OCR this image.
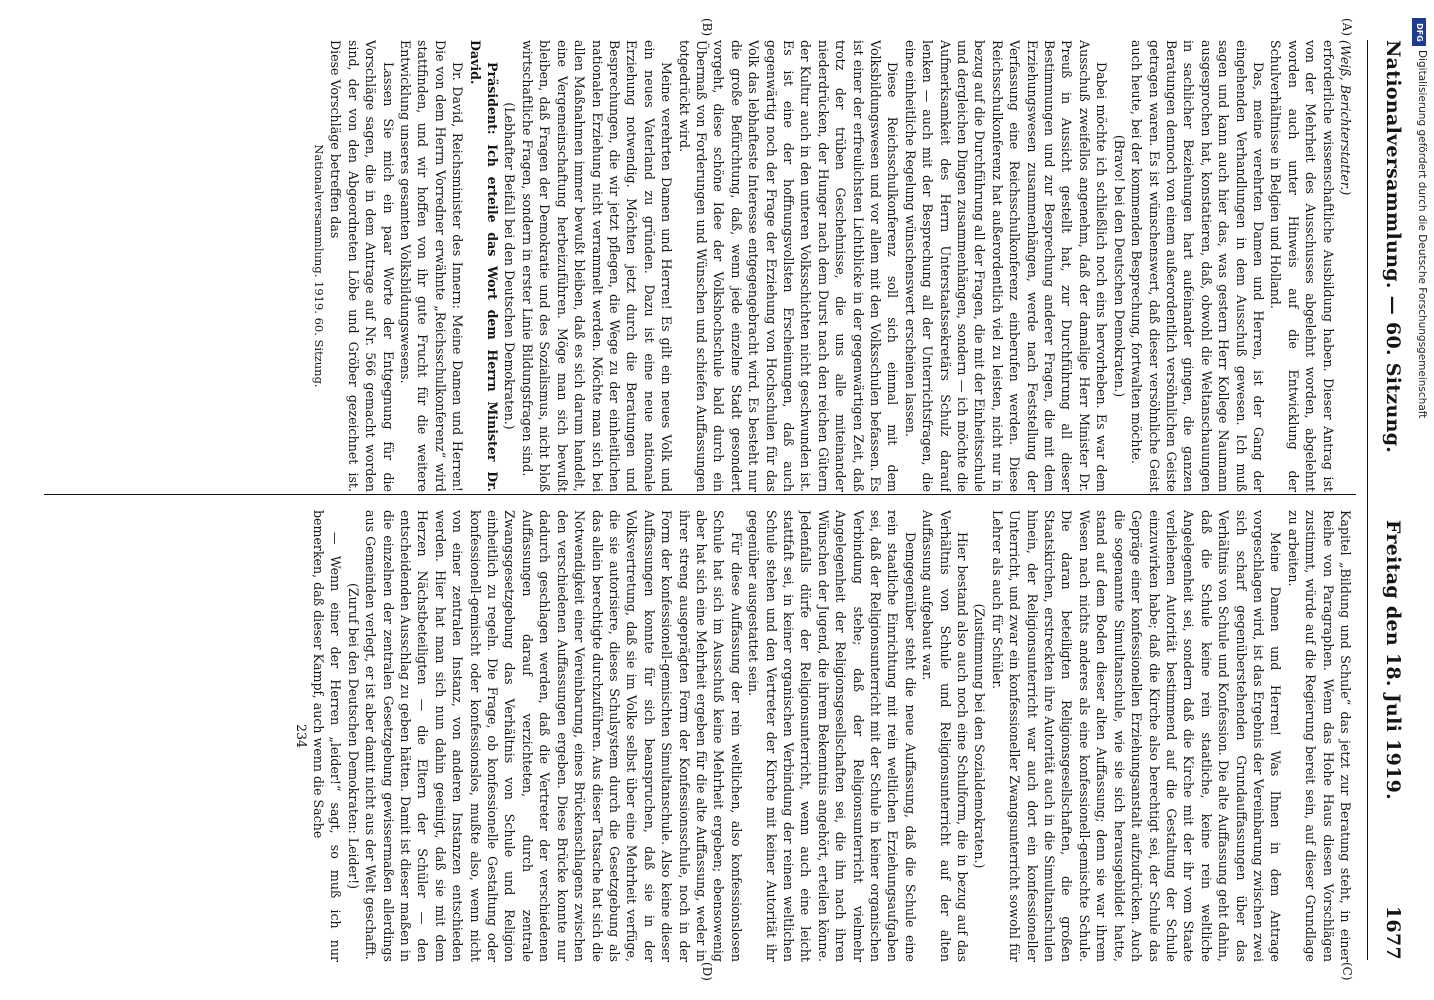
Nationalversammlung. — 60. Sitzung.
Freitag den 18. Juli 1919.
1677

(Weiß, Berichterstatter.)

erforderliche wissenschaftliche Ausbildung haben. Dieser Antrag ist von der Mehrheit des Ausschusses abgelehnt worden, abgelehnt worden auch unter Hinweis auf die Entwicklung der Schulverhältnisse in Belgien und Holland.

Das, meine verehrten Damen und Herren, ist der Gang der eingehenden Verhandlungen in dem Ausschuß gewesen. Ich muß sagen und kann auch hier das, was gestern Herr Kollege Naumann ausgesprochen hat, konstatieren, daß, obwohl die Weltanschauungen in sachlicher Beziehungen hart aufeinander gingen, die ganzen Beratungen dennoch von einem außerordentlich versöhnlichen Geiste getragen waren. Es ist wünschenswert, daß dieser versöhnliche Geist auch heute, bei der kommenden Besprechung, fortwalten möchte.

(Bravo! bei den Deutschen Demokraten.)

Dabei möchte ich schließlich noch eins hervorheben. Es war dem Ausschuß zweifellos angenehm, daß der damalige Herr Minister Dr. Preuß in Aussicht gestellt hat, zur Durchführung all dieser Bestimmungen und zur Besprechung anderer Fragen, die mit dem Erziehungswesen zusammenhängen, werde nach Feststellung der Verfassung eine Reichsschulkonferenz einberufen werden. Diese Reichsschulkonferenz hat außerordentlich viel zu leisten, nicht nur in bezug auf die Durchführung all der Fragen, die mit der Einheitsschule und dergleichen Dingen zusammenhängen, sondern — ich möchte die Aufmerksamkeit des Herrn Unterstaatssekretärs Schulz darauf lenken — auch mit der Besprechung all der Unterrichtsfragen, die eine einheitliche Regelung wünschenswert erscheinen lassen.

Diese Reichsschulkonferenz soll sich einmal mit dem Volksbildungswesen und vor allem mit den Volksschulen befassen. Es ist einer der erfreulichsten Lichtblicke in der gegenwärtigen Zeit, daß trotz der trüben Geschehnisse, die uns alle miteinander niederdrücken, der Hunger nach dem Durst nach den reichen Gütern der Kultur auch in den unteren Volksschichten nicht geschwunden ist. Es ist eine der hoffnungsvollsten Erscheinungen, daß auch gegenwärtig noch der Frage der Erziehung von Hochschulen für das Volk das lebhafteste Interesse entgegengebracht wird. Es besteht nur die große Befürchtung, daß, wenn jede einzelne Stadt gesondert vorgeht, diese schöne Idee der Volkshochschule bald durch ein Übermaß von Forderungen und Wünschen und schiefen Auffassungen totgedrückt wird.

Meine verehrten Damen und Herren! Es gilt ein neues Volk und ein neues Vaterland zu gründen. Dazu ist eine neue nationale Erziehung notwendig. Möchten jetzt durch die Beratungen und Besprechungen, die wir jetzt pflegen, die Wege zu der einheitlichen nationalen Erziehung nicht verrammelt werden. Möchte man sich bei allen Maßnahmen immer bewußt bleiben, daß es sich darum handelt, eine Vergemeinschaftung herbeizuführen. Möge man sich bewußt bleiben, daß Fragen der Demokratie und des Sozialismus, nicht bloß wirtschaftliche Fragen, sondern in erster Linie Bildungsfragen sind.

(Lebhafter Beifall bei den Deutschen Demokraten.)

Präsident: Ich erteile das Wort dem Herrn Minister Dr. David.

Dr. David, Reichsminister des Innern: Meine Damen und Herren! Die von dem Herrn Vorredner erwähnte „Reichsschulkonferenz“ wird stattfinden, und wir hoffen von ihr gute Frucht für die weitere Entwicklung unseres gesamten Volksbildungswesens.

Lassen Sie mich ein paar Worte der Entgegnung für die Vorschläge sagen, die in dem Antrage auf Nr. 566 gemacht worden sind, der von den Abgeordneten Löbe und Gröber gezeichnet ist. Diese Vorschläge betreffen das

Nationalversammlung. 1919. 60. Sitzung.

Kapitel „Bildung und Schule“ das jetzt zur Beratung steht, in einer Reihe von Paragraphen. Wenn das Hohe Haus diesen Vorschlägen zustimmt, würde auf die Regierung bereit sein, auf dieser Grundlage zu arbeiten.

Meine Damen und Herren! Was Ihnen in dem Antrage vorgeschlagen wird, ist das Ergebnis der Vereinbarung zwischen zwei sich scharf gegenüberstehenden Grundauffassungen über das Verhältnis von Schule und Konfession. Die alte Auffassung geht dahin, daß die Schule keine rein staatliche, keine rein weltliche Angelegenheit sei, sondern daß die Kirche mit der ihr vom Staate verliehenen Autorität bestimmend auf die Gestaltung der Schule einzuwirken habe; daß die Kirche also berechtigt sei, der Schule das Gepräge einer konfessionellen Erziehungsanstalt aufzudrücken. Auch die sogenannte Simultanschule, wie sie sich herausgebildet hatte, stand auf dem Boden dieser alten Auffassung; denn sie war ihrem Wesen nach nichts anderes als eine konfessionell-gemischte Schule. Die daran beteiligten Religionsgesellschaften, die großen Staatskirchen, erstreckten ihre Autorität auch in die Simultanschulen hinein, der Religionsunterricht war auch dort ein konfessioneller Unterricht, und zwar ein konfessioneller Zwangsunterricht sowohl für Lehrer als auch für Schüler.

(Zustimmung bei den Sozialdemokraten.)

Hier bestand also auch noch eine Schulform, die in bezug auf das Verhältnis von Schule und Religionsunterricht auf der alten Auffassung aufgebaut war.

Demgegenüber steht die neue Auffassung, daß die Schule eine rein staatliche Einrichtung mit rein weltlichen Erziehungsaufgaben sei, daß der Religionsunterricht mit der Schule in keiner organischen Verbindung stehe; daß der Religionsunterricht vielmehr Angelegenheit der Religionsgesellschaften sei, die ihn nach ihren Wünschen der Jugend, die ihrem Bekenntnis angehört, erteilen könne. Jedenfalls dürfe der Religionsunterricht, wenn auch eine leicht stattfaft sei, in keiner organischen Verbindung der reinen weltlichen Schule stehen und den Vertreter der Kirche mit keiner Autorität ihr gegenüber ausgestattet sein.

Für diese Auffassung der rein weltlichen, also konfessionslosen Schule hat sich im Ausschuß keine Mehrheit ergeben; ebensowenig aber hat sich eine Mehrheit ergeben für die alte Auffassung, weder in ihrer streng ausgeprägten Form der Konfessionsschule, noch in der Form der konfessionell-gemischten Simultanschule. Also keine dieser Auffassungen konnte für sich beanspruchen, daß sie in der Volksvertretung, daß sie im Volke selbst über eine Mehrheit verfüge, die sie autorisiere, dieses Schulsystem durch die Gesetzgebung als das allein berechtigte durchzuführen. Aus dieser Tatsache hat sich die Notwendigkeit einer Vereinbarung, eines Brückenschlagens zwischen den verschiedenen Auffassungen ergeben. Diese Brücke konnte nur dadurch geschlagen werden, daß die Vertreter der verschiedenen Auffassungen darauf verzichteten, durch zentrale Zwangsgesetzgebung das Verhältnis von Schule und Religion einheitlich zu regeln. Die Frage, ob konfessionelle Gestaltung oder konfessionell-gemischt oder konfessionslos, mußte also, wenn nicht von einer zentralen Instanz, von anderen Instanzen entschieden werden. Hier hat man sich nun dahin geeinigt, daß sie mit dem Herzen Nächstbeteiligten — die Eltern der Schüler — den entscheidenden Ausschlag zu geben hätten. Damit ist dieser maßen in die einzelnen der zentralen Gesetzgebung gewissermaßen allerdings aus Gemeinden verlegt, er ist aber damit nicht aus der Welt geschafft.

(Zuruf bei den Deutschen Demokraten: Leider!)

— Wenn einer der Herren „leider!“ sagt, so muß ich nur bemerken, daß dieser Kampf, auch wenn die Sache

234

(A)
(B)
(C)
(D)
DFG
Digitalisierung gefördert durch die Deutsche Forschungsgemeinschaft
